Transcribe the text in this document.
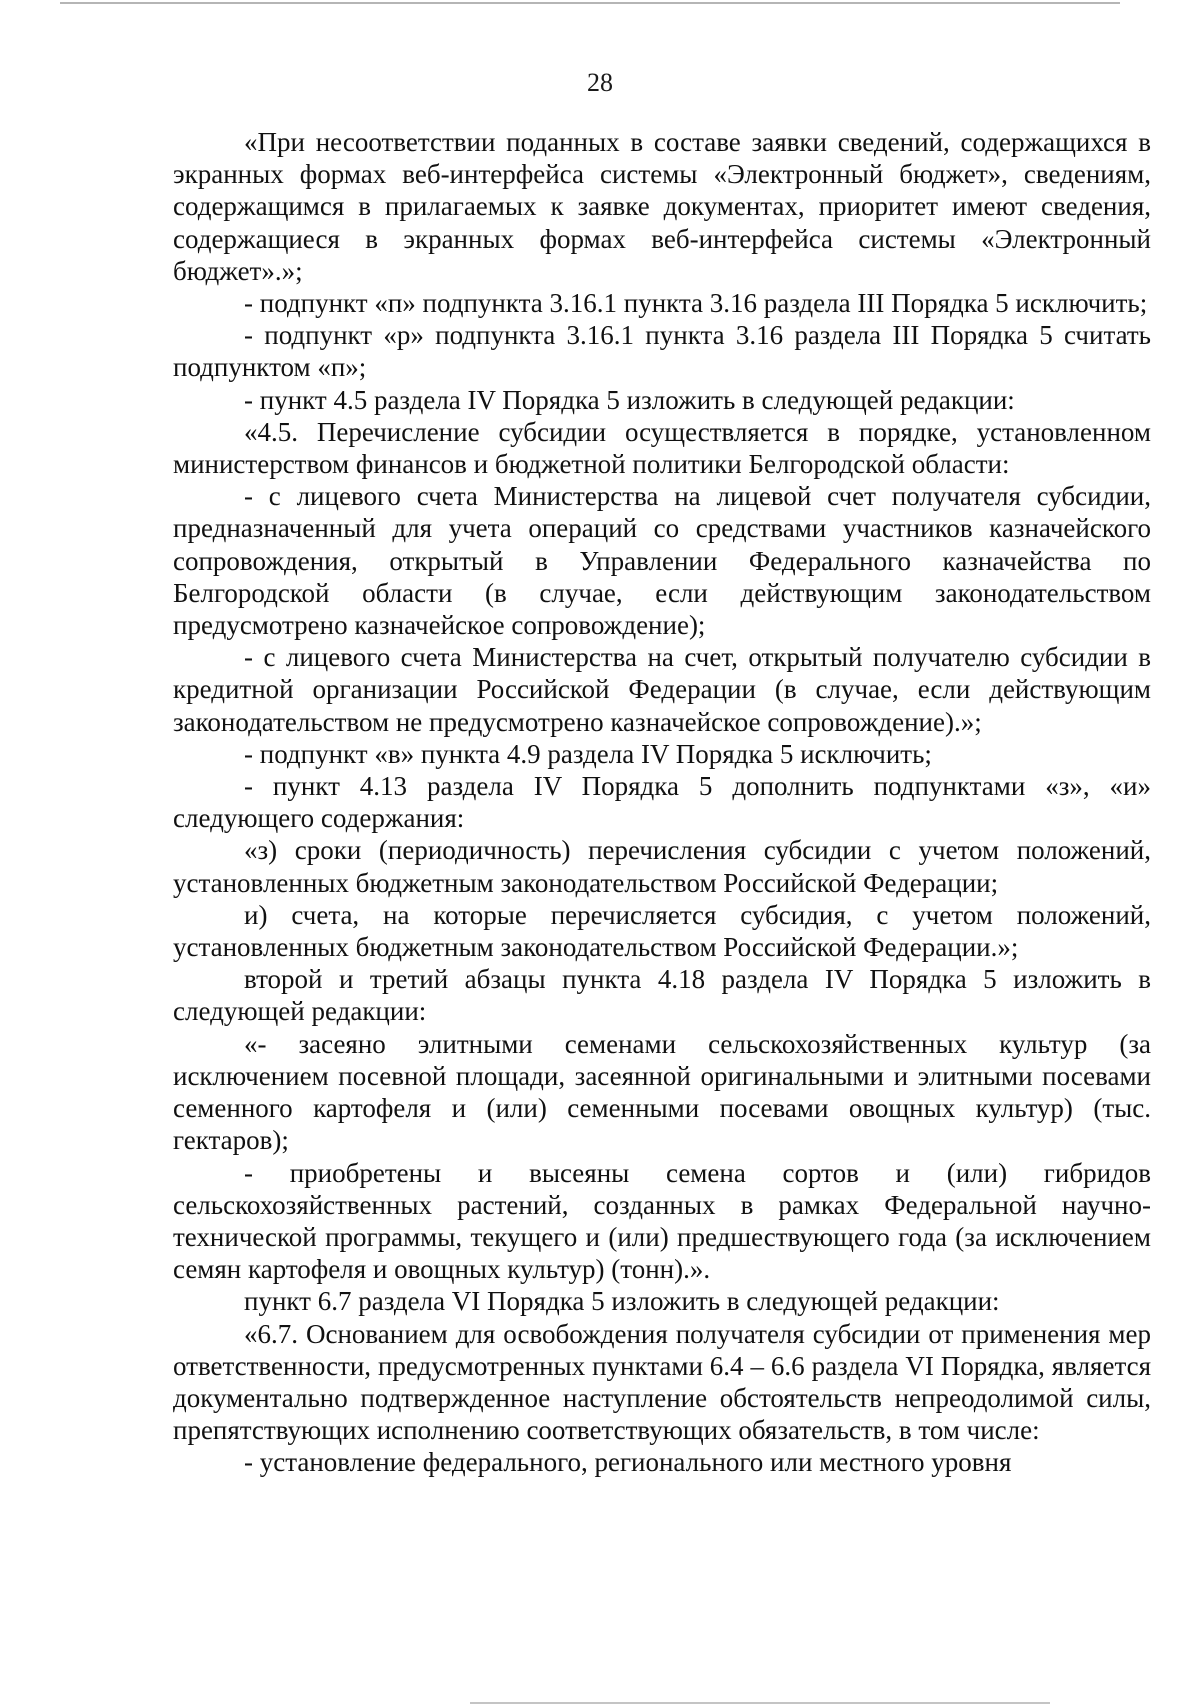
28

«При несоответствии поданных в составе заявки сведений, содержащихся в экранных формах веб-интерфейса системы «Электронный бюджет», сведениям, содержащимся в прилагаемых к заявке документах, приоритет имеют сведения, содержащиеся в экранных формах веб-интерфейса системы «Электронный бюджет».»;

- подпункт «п» подпункта 3.16.1 пункта 3.16 раздела III Порядка 5 исключить;

- подпункт «р» подпункта 3.16.1 пункта 3.16 раздела III Порядка 5 считать подпунктом «п»;

- пункт 4.5 раздела IV Порядка 5 изложить в следующей редакции:

«4.5. Перечисление субсидии осуществляется в порядке, установленном министерством финансов и бюджетной политики Белгородской области:

- с лицевого счета Министерства на лицевой счет получателя субсидии, предназначенный для учета операций со средствами участников казначейского сопровождения, открытый в Управлении Федерального казначейства по Белгородской области (в случае, если действующим законодательством предусмотрено казначейское сопровождение);

- с лицевого счета Министерства на счет, открытый получателю субсидии в кредитной организации Российской Федерации (в случае, если действующим законодательством не предусмотрено казначейское сопровождение).»;

- подпункт «в» пункта 4.9 раздела IV Порядка 5 исключить;

- пункт 4.13 раздела IV Порядка 5 дополнить подпунктами «з», «и» следующего содержания:

«з) сроки (периодичность) перечисления субсидии с учетом положений, установленных бюджетным законодательством Российской Федерации;

и) счета, на которые перечисляется субсидия, с учетом положений, установленных бюджетным законодательством Российской Федерации.»;

второй и третий абзацы пункта 4.18 раздела IV Порядка 5 изложить в следующей редакции:

«- засеяно элитными семенами сельскохозяйственных культур (за исключением посевной площади, засеянной оригинальными и элитными посевами семенного картофеля и (или) семенными посевами овощных культур) (тыс. гектаров);

- приобретены и высеяны семена сортов и (или) гибридов сельскохозяйственных растений, созданных в рамках Федеральной научно-технической программы, текущего и (или) предшествующего года (за исключением семян картофеля и овощных культур) (тонн).».

пункт 6.7 раздела VI Порядка 5 изложить в следующей редакции:

«6.7. Основанием для освобождения получателя субсидии от применения мер ответственности, предусмотренных пунктами 6.4 – 6.6 раздела VI Порядка, является документально подтвержденное наступление обстоятельств непреодолимой силы, препятствующих исполнению соответствующих обязательств, в том числе:

- установление федерального, регионального или местного уровня
